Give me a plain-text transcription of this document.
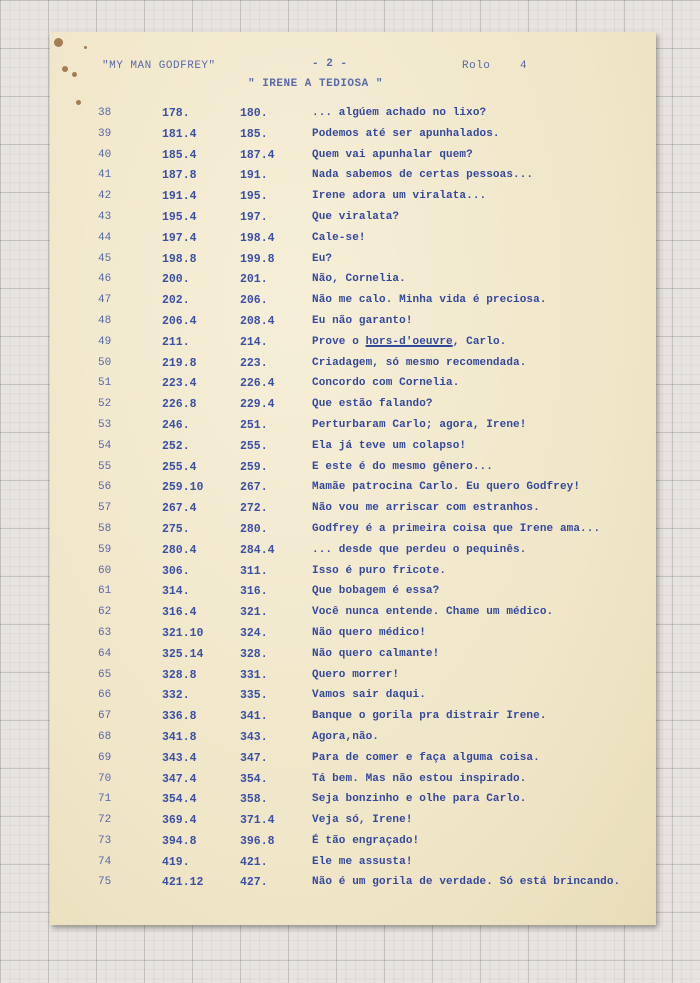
"MY MAN GODFREY"	- 2 -	Rolo	4
" IRENE A TEDIOSA "
38	178.	180.	... algúem achado no lixo?
39	181.4	185.	Podemos até ser apunhalados.
40	185.4	187.4	Quem vai apunhalar quem?
41	187.8	191.	Nada sabemos de certas pessoas...
42	191.4	195.	Irene adora um viralata...
43	195.4	197.	Que viralata?
44	197.4	198.4	Cale-se!
45	198.8	199.8	Eu?
46	200.	201.	Não, Cornelia.
47	202.	206.	Não me calo. Minha vida é preciosa.
48	206.4	208.4	Eu não garanto!
49	211.	214.	Prove o hors-d'oeuvre, Carlo.
50	219.8	223.	Criadagem, só mesmo recomendada.
51	223.4	226.4	Concordo com Cornelia.
52	226.8	229.4	Que estão falando?
53	246.	251.	Perturbaram Carlo; agora, Irene!
54	252.	255.	Ela já teve um colapso!
55	255.4	259.	E este é do mesmo gênero...
56	259.10	267.	Mamãe patrocina Carlo. Eu quero Godfrey!
57	267.4	272.	Não vou me arriscar com estranhos.
58	275.	280.	Godfrey é a primeira coisa que Irene ama...
59	280.4	284.4	... desde que perdeu o pequinês.
60	306.	311.	Isso é puro fricote.
61	314.	316.	Que bobagem é essa?
62	316.4	321.	Você nunca entende. Chame um médico.
63	321.10	324.	Não quero médico!
64	325.14	328.	Não quero calmante!
65	328.8	331.	Quero morrer!
66	332.	335.	Vamos sair daqui.
67	336.8	341.	Banque o gorila pra distrair Irene.
68	341.8	343.	Agora,não.
69	343.4	347.	Para de comer e faça alguma coisa.
70	347.4	354.	Tá bem. Mas não estou inspirado.
71	354.4	358.	Seja bonzinho e olhe para Carlo.
72	369.4	371.4	Veja só, Irene!
73	394.8	396.8	É tão engraçado!
74	419.	421.	Ele me assusta!
75	421.12	427.	Não é um gorila de verdade. Só está brincando.
